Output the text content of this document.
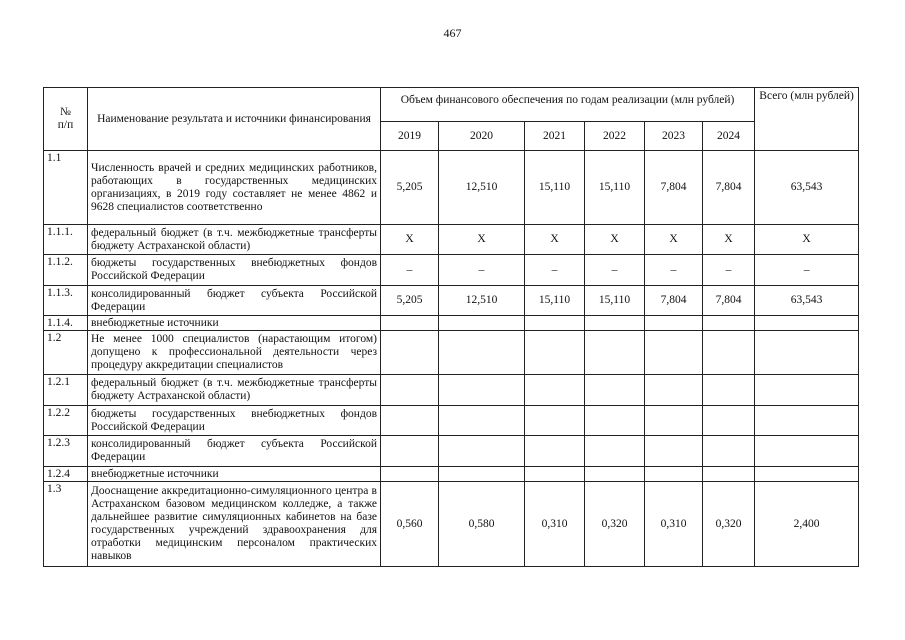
467
№
п/п	Наименование результата и источники финансирования	Объем финансового обеспечения по годам реализации (млн рублей)						Всего (млн рублей)
		2019	2020	2021	2022	2023	2024	
1.1	Численность врачей и средних медицинских работников, работающих в государственных медицинских организациях, в 2019 году составляет не менее 4862 и 9628 специалистов соответственно	5,205	12,510	15,110	15,110	7,804	7,804	63,543
1.1.1.	федеральный бюджет (в т.ч. межбюджетные трансферты бюджету Астраханской области)	X	X	X	X	X	X	X
1.1.2.	бюджеты государственных внебюджетных фондов Российской Федерации	–	–	–	–	–	–	–
1.1.3.	консолидированный бюджет субъекта Российской Федерации	5,205	12,510	15,110	15,110	7,804	7,804	63,543
1.1.4.	внебюджетные источники							
1.2	Не менее 1000 специалистов (нарастающим итогом) допущено к профессиональной деятельности через процедуру аккредитации специалистов							
1.2.1	федеральный бюджет (в т.ч. межбюджетные трансферты бюджету Астраханской области)							
1.2.2	бюджеты государственных внебюджетных фондов Российской Федерации							
1.2.3	консолидированный бюджет субъекта Российской Федерации							
1.2.4	внебюджетные источники							
1.3	Дооснащение аккредитационно-симуляционного центра в Астраханском базовом медицинском колледже, а также дальнейшее развитие симуляционных кабинетов на базе государственных учреждений здравоохранения для отработки медицинским персоналом практических навыков	0,560	0,580	0,310	0,320	0,310	0,320	2,400
